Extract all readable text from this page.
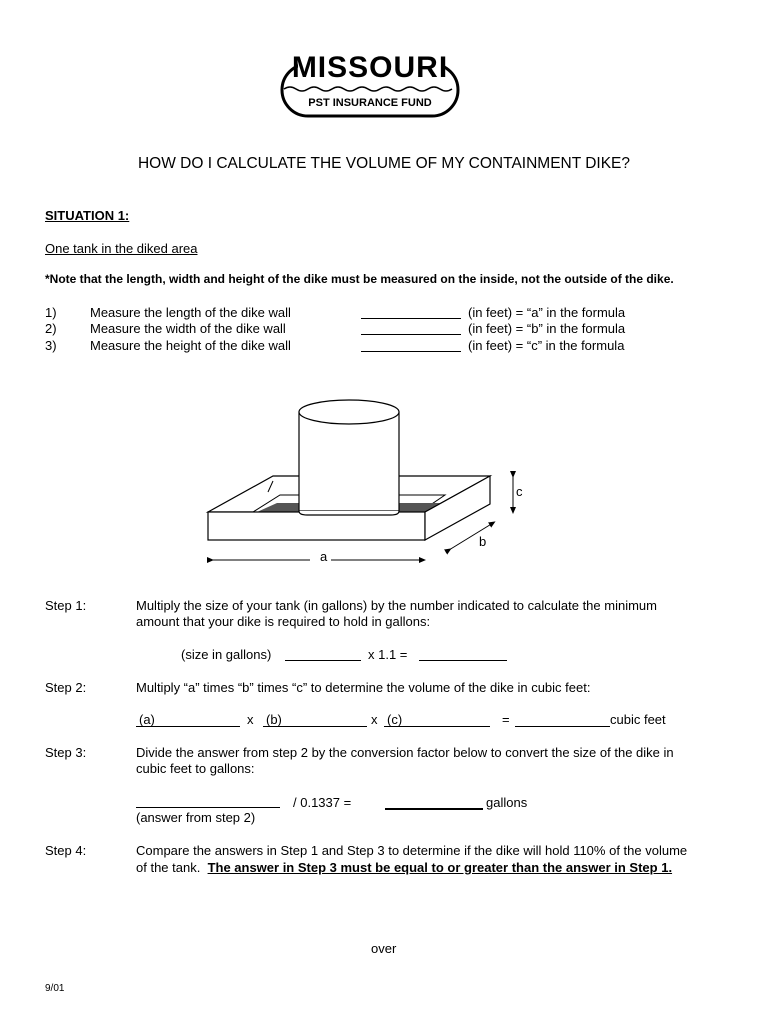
MISSOURI
PST INSURANCE FUND
HOW DO I CALCULATE THE VOLUME OF MY CONTAINMENT DIKE?
SITUATION 1:
One tank in the diked area
*Note that the length, width and height of the dike must be measured on the inside, not the outside of the dike.
1)	Measure the length of the dike wall	(in feet) = “a” in the formula
2)	Measure the width of the dike wall	(in feet) = “b” in the formula
3)	Measure the height of the dike wall	(in feet) = “c” in the formula
a
b
c
Step 1:	Multiply the size of your tank (in gallons) by the number indicated to calculate the minimum
amount that your dike is required to hold in gallons:
(size in gallons)	x 1.1 =
Step 2:	Multiply “a” times “b” times “c” to determine the volume of the dike in cubic feet:
(a)	x (b)	x (c)	=	cubic feet
Step 3:	Divide the answer from step 2 by the conversion factor below to convert the size of the dike in
cubic feet to gallons:
/ 0.1337 =	gallons
(answer from step 2)
Step 4:	Compare the answers in Step 1 and Step 3 to determine if the dike will hold 110% of the volume
of the tank. The answer in Step 3 must be equal to or greater than the answer in Step 1.
over
9/01
